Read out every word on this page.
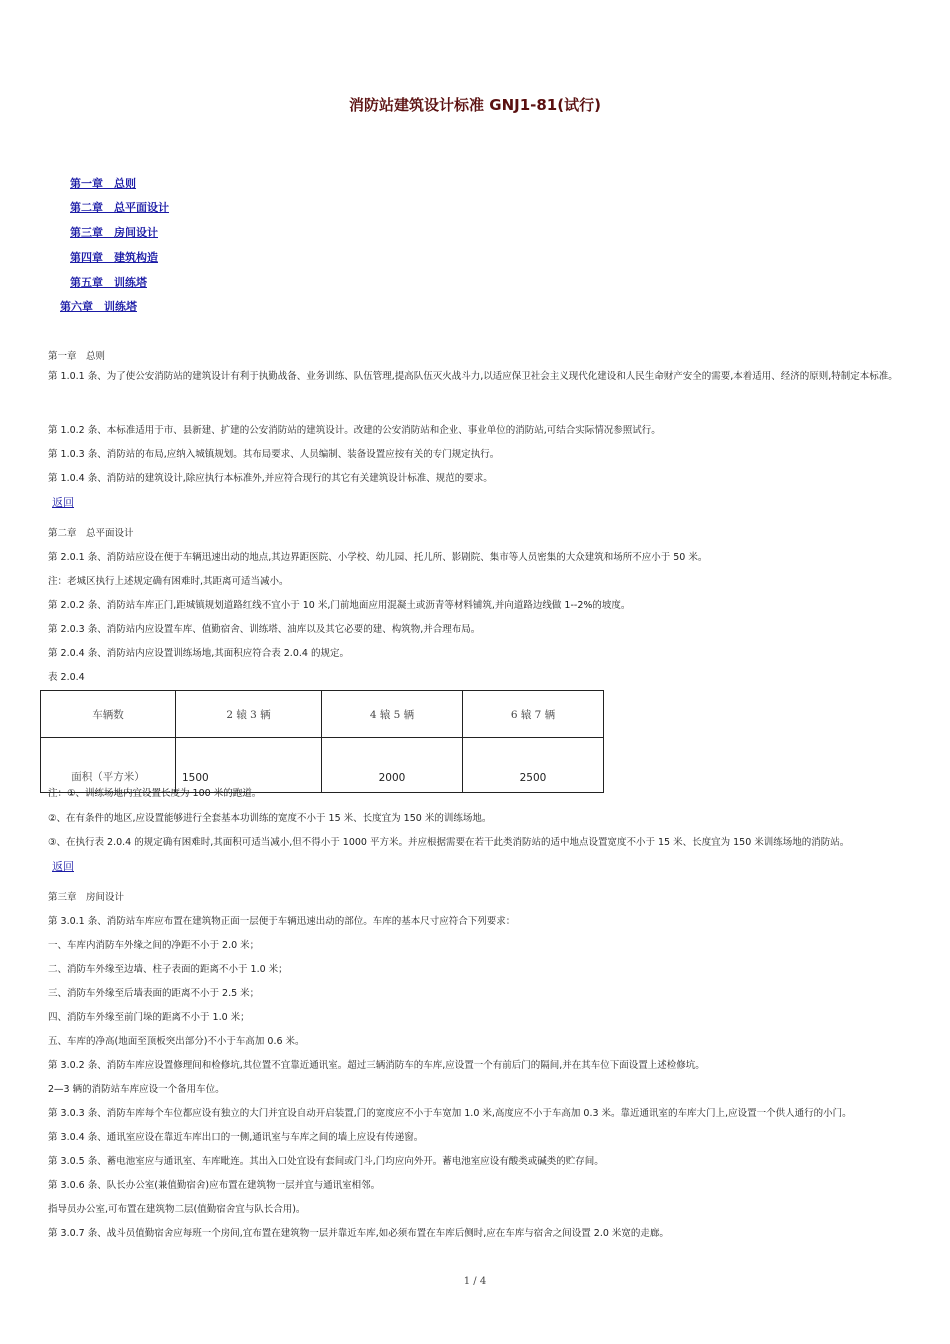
消防站建筑设计标准 GNJ1-81(试行)
第一章　总则
第二章　总平面设计
第三章　房间设计
第四章　建筑构造
第五章　训练塔
第六章　训练塔
第一章　总则
第 1.0.1 条、为了使公安消防站的建筑设计有利于执勤战备、业务训练、队伍管理,提高队伍灭火战斗力,以适应保卫社会主义现代化建设和人民生命财产安全的需要,本着适用、经济的原则,特制定本标准。
第 1.0.2 条、本标准适用于市、县新建、扩建的公安消防站的建筑设计。改建的公安消防站和企业、事业单位的消防站,可结合实际情况参照试行。
第 1.0.3 条、消防站的布局,应纳入城镇规划。其布局要求、人员编制、装备设置应按有关的专门规定执行。
第 1.0.4 条、消防站的建筑设计,除应执行本标准外,并应符合现行的其它有关建筑设计标准、规范的要求。
返回
第二章　总平面设计
第 2.0.1 条、消防站应设在便于车辆迅速出动的地点,其边界距医院、小学校、幼儿园、托儿所、影剧院、集市等人员密集的大众建筑和场所不应小于 50 米。
注：老城区执行上述规定确有困难时,其距离可适当减小。
第 2.0.2 条、消防站车库正门,距城镇规划道路红线不宜小于 10 米,门前地面应用混凝土或沥青等材料铺筑,并向道路边线做 1--2%的坡度。
第 2.0.3 条、消防站内应设置车库、值勤宿舍、训练塔、油库以及其它必要的建、构筑物,并合理布局。
第 2.0.4 条、消防站内应设置训练场地,其面积应符合表 2.0.4 的规定。
表 2.0.4
车辆数	2 辕 3 辆	4 辕 5 辆	6 辕 7 辆
面积（平方米）	1500	2000	2500
注：①、训练场地内宜设置长度为 100 米的跑道。
②、在有条件的地区,应设置能够进行全套基本功训练的宽度不小于 15 米、长度宜为 150 米的训练场地。
③、在执行表 2.0.4 的规定确有困难时,其面积可适当减小,但不得小于 1000 平方米。并应根据需要在若干此类消防站的适中地点设置宽度不小于 15 米、长度宜为 150 米训练场地的消防站。
返回
第三章　房间设计
第 3.0.1 条、消防站车库应布置在建筑物正面一层便于车辆迅速出动的部位。车库的基本尺寸应符合下列要求：
一、车库内消防车外缘之间的净距不小于 2.0 米；
二、消防车外缘至边墙、柱子表面的距离不小于 1.0 米；
三、消防车外缘至后墙表面的距离不小于 2.5 米；
四、消防车外缘至前门垛的距离不小于 1.0 米；
五、车库的净高(地面至顶板突出部分)不小于车高加 0.6 米。
第 3.0.2 条、消防车库应设置修理间和检修坑,其位置不宜靠近通讯室。超过三辆消防车的车库,应设置一个有前后门的隔间,并在其车位下面设置上述检修坑。
2—3 辆的消防站车库应设一个备用车位。
第 3.0.3 条、消防车库每个车位都应设有独立的大门并宜设自动开启装置,门的宽度应不小于车宽加 1.0 米,高度应不小于车高加 0.3 米。靠近通讯室的车库大门上,应设置一个供人通行的小门。
第 3.0.4 条、通讯室应设在靠近车库出口的一侧,通讯室与车库之间的墙上应设有传递窗。
第 3.0.5 条、蓄电池室应与通讯室、车库毗连。其出入口处宜设有套间或门斗,门均应向外开。蓄电池室应设有酸类或碱类的贮存间。
第 3.0.6 条、队长办公室(兼值勤宿舍)应布置在建筑物一层并宜与通讯室相邻。
指导员办公室,可布置在建筑物二层(值勤宿舍宜与队长合用)。
第 3.0.7 条、战斗员值勤宿舍应每班一个房间,宜布置在建筑物一层并靠近车库,如必须布置在车库后侧时,应在车库与宿舍之间设置 2.0 米宽的走廊。
1 / 4
